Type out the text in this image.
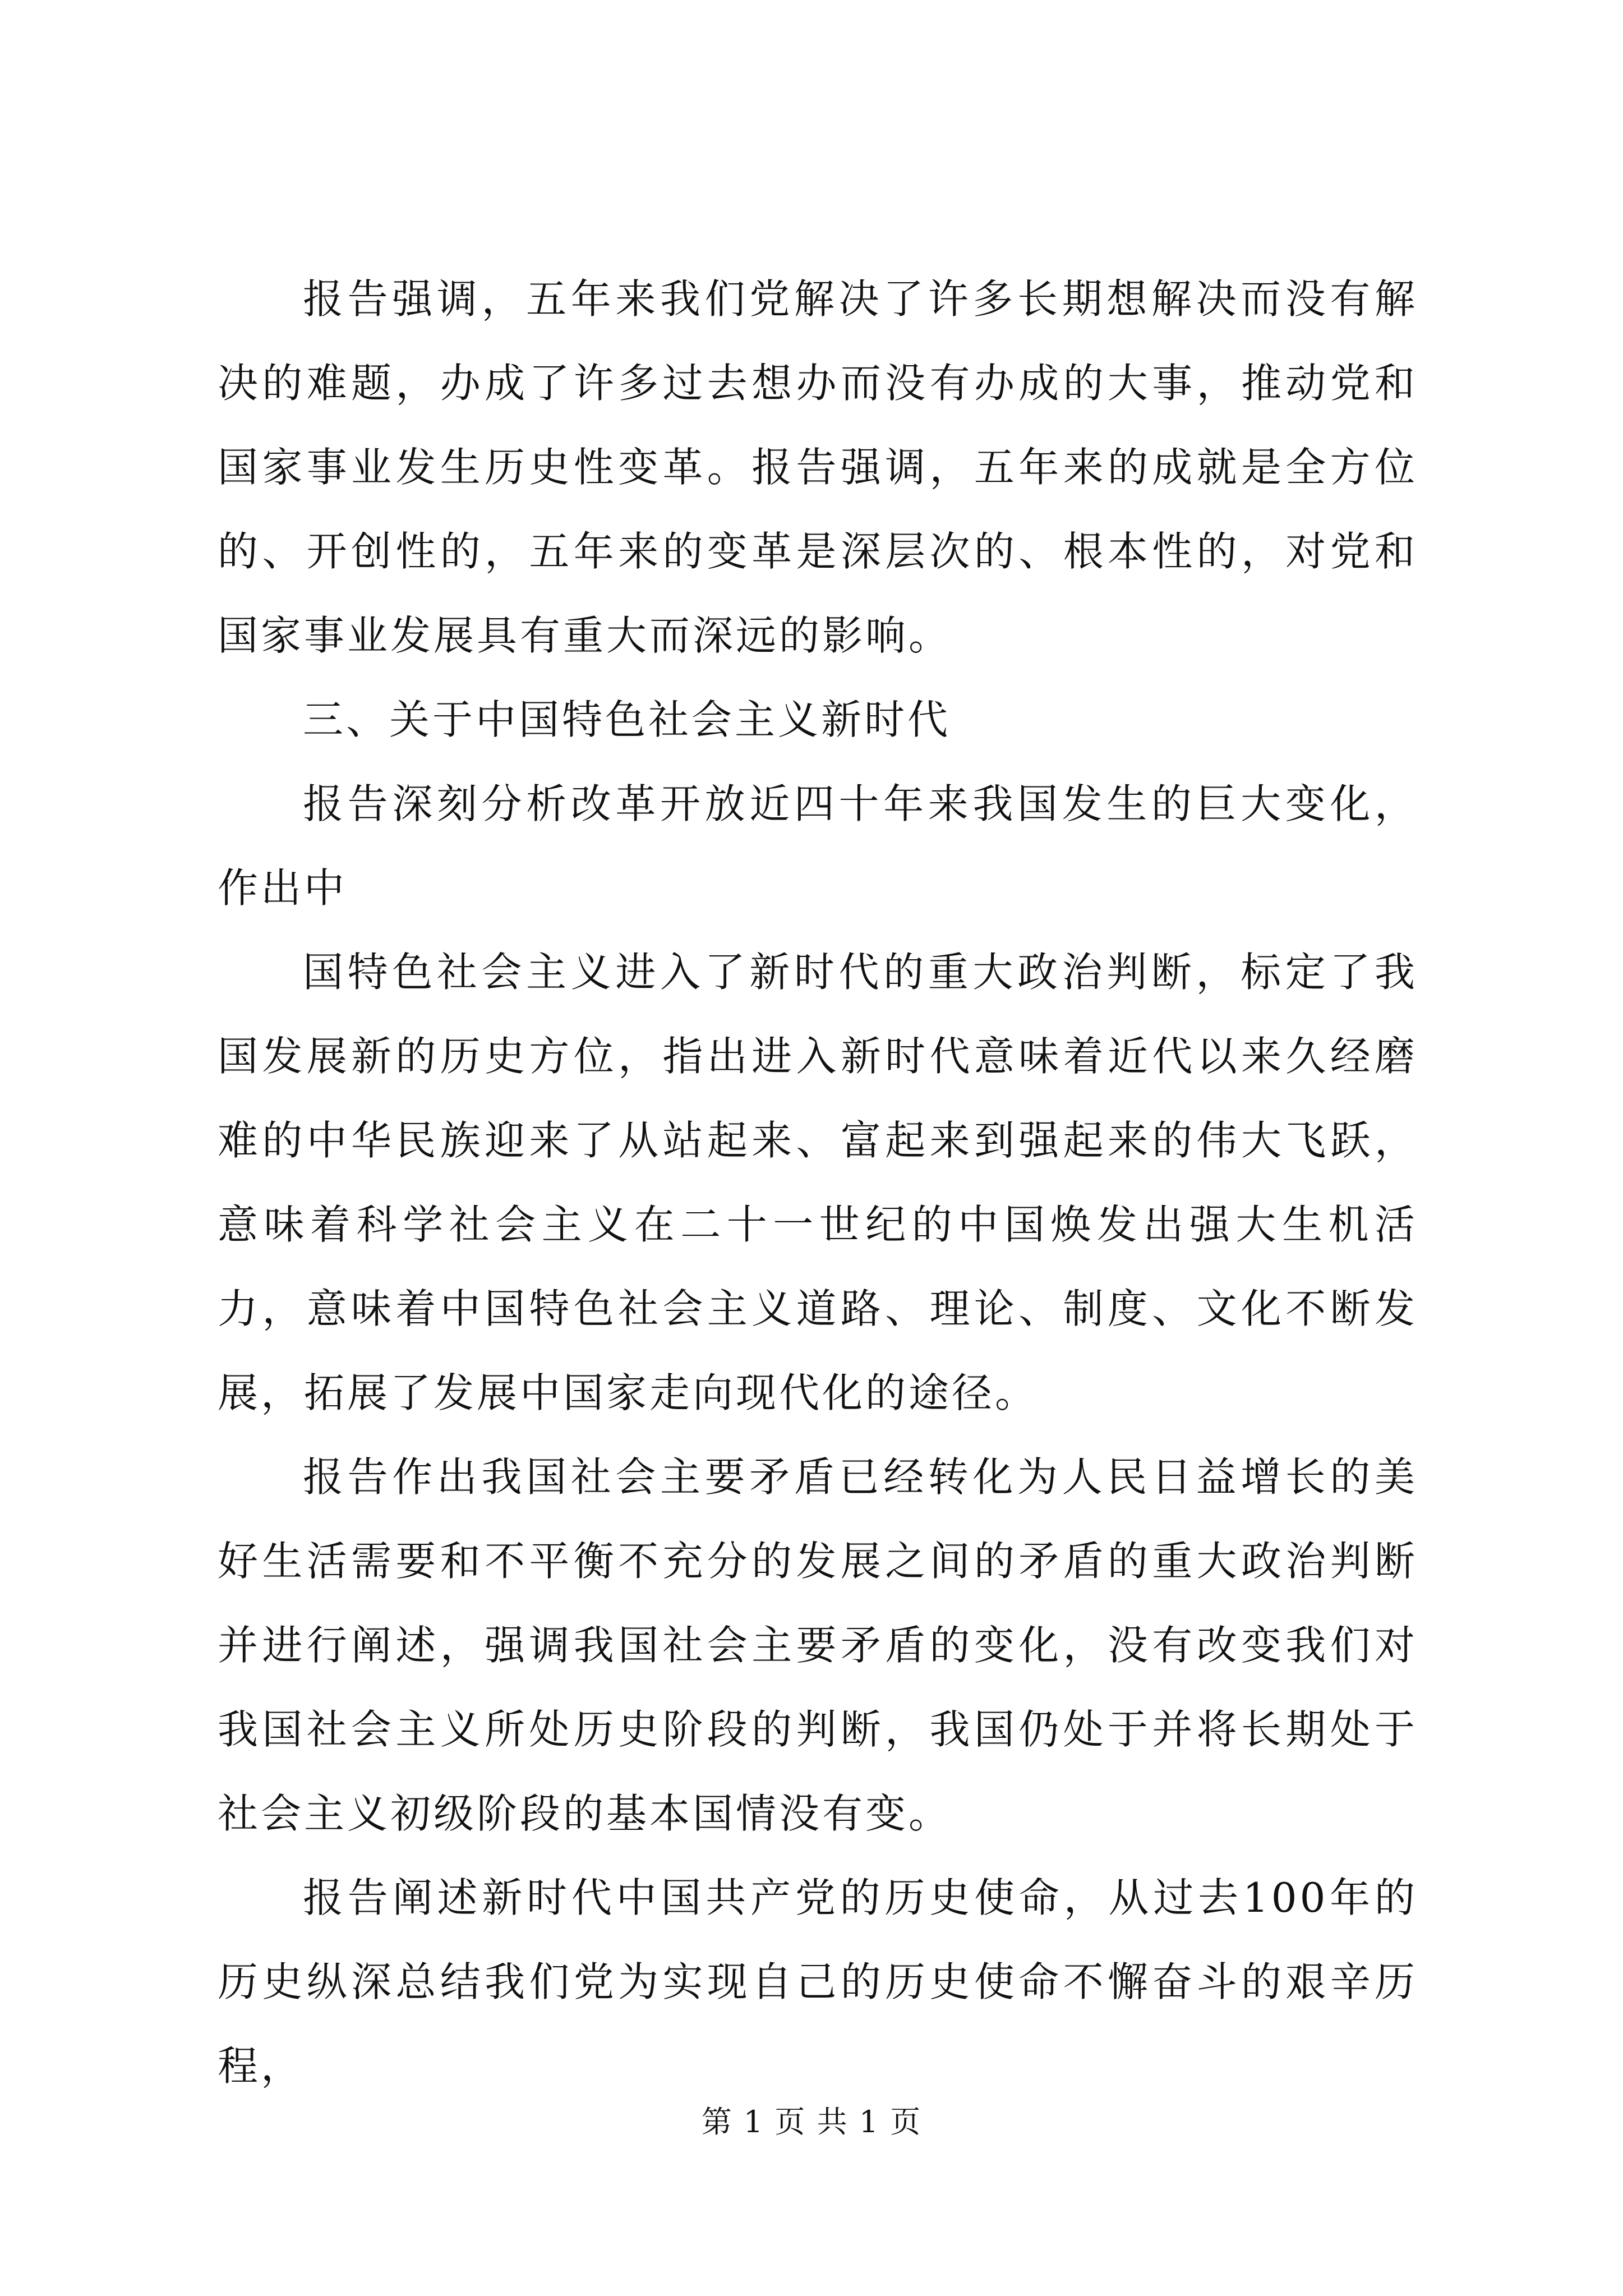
报告强调，五年来我们党解决了许多长期想解决而没有解决的难题，办成了许多过去想办而没有办成的大事，推动党和国家事业发生历史性变革。报告强调，五年来的成就是全方位的、开创性的，五年来的变革是深层次的、根本性的，对党和国家事业发展具有重大而深远的影响。

三、关于中国特色社会主义新时代

报告深刻分析改革开放近四十年来我国发生的巨大变化，作出中

国特色社会主义进入了新时代的重大政治判断，标定了我国发展新的历史方位，指出进入新时代意味着近代以来久经磨难的中华民族迎来了从站起来、富起来到强起来的伟大飞跃，意味着科学社会主义在二十一世纪的中国焕发出强大生机活力，意味着中国特色社会主义道路、理论、制度、文化不断发展，拓展了发展中国家走向现代化的途径。

报告作出我国社会主要矛盾已经转化为人民日益增长的美好生活需要和不平衡不充分的发展之间的矛盾的重大政治判断并进行阐述，强调我国社会主要矛盾的变化，没有改变我们对我国社会主义所处历史阶段的判断，我国仍处于并将长期处于社会主义初级阶段的基本国情没有变。

报告阐述新时代中国共产党的历史使命，从过去100年的历史纵深总结我们党为实现自己的历史使命不懈奋斗的艰辛历程，

第 1 页 共 1 页
